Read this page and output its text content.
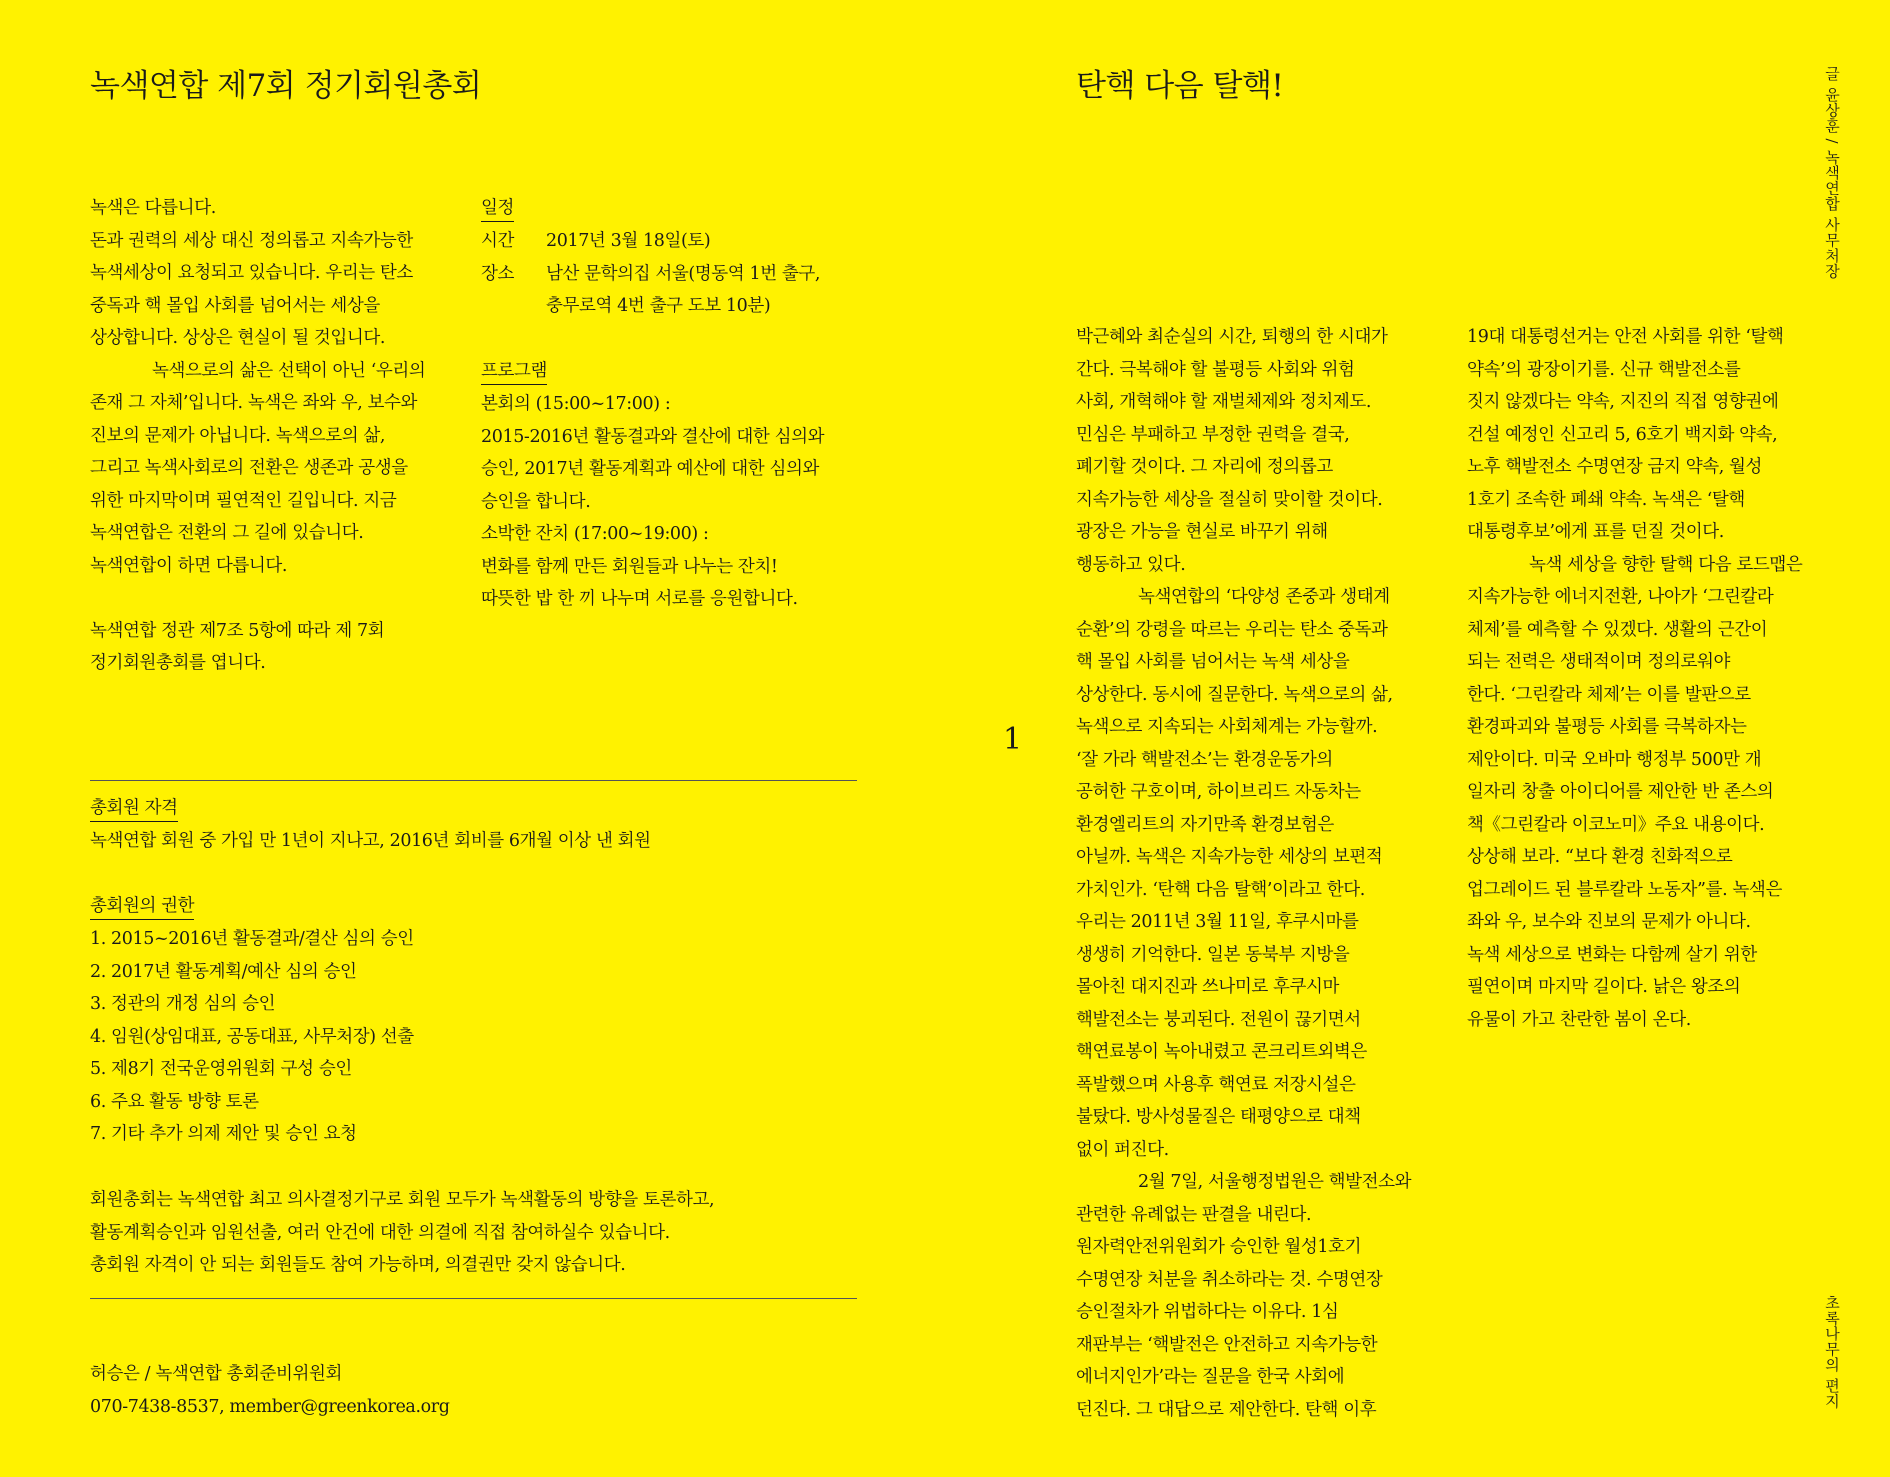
녹색연합 제7회 정기회원총회

녹색은 다릅니다.

돈과 권력의 세상 대신 정의롭고 지속가능한

녹색세상이 요청되고 있습니다. 우리는 탄소

중독과 핵 몰입 사회를 넘어서는 세상을

상상합니다. 상상은 현실이 될 것입니다.

녹색으로의 삶은 선택이 아닌 ‘우리의

존재 그 자체’입니다. 녹색은 좌와 우, 보수와

진보의 문제가 아닙니다. 녹색으로의 삶,

그리고 녹색사회로의 전환은 생존과 공생을

위한 마지막이며 필연적인 길입니다. 지금

녹색연합은 전환의 그 길에 있습니다.

녹색연합이 하면 다릅니다.

녹색연합 정관 제7조 5항에 따라 제 7회

정기회원총회를 엽니다.

일정
시간	2017년 3월 18일(토)
장소	남산 문학의집 서울(명동역 1번 출구,
충무로역 4번 출구 도보 10분)
프로그램

본회의 (15:00~17:00) :

2015-2016년 활동결과와 결산에 대한 심의와

승인, 2017년 활동계획과 예산에 대한 심의와

승인을 합니다.

소박한 잔치 (17:00~19:00) :

변화를 함께 만든 회원들과 나누는 잔치!

따뜻한 밥 한 끼 나누며 서로를 응원합니다.

총회원 자격
녹색연합 회원 중 가입 만 1년이 지나고, 2016년 회비를 6개월 이상 낸 회원
총회원의 권한

1. 2015~2016년 활동결과/결산 심의 승인

2. 2017년 활동계획/예산 심의 승인

3. 정관의 개정 심의 승인

4. 임원(상임대표, 공동대표, 사무처장) 선출

5. 제8기 전국운영위원회 구성 승인

6. 주요 활동 방향 토론

7. 기타 추가 의제 제안 및 승인 요청

회원총회는 녹색연합 최고 의사결정기구로 회원 모두가 녹색활동의 방향을 토론하고,

활동계획승인과 임원선출, 여러 안건에 대한 의결에 직접 참여하실수 있습니다.

총회원 자격이 안 되는 회원들도 참여 가능하며, 의결권만 갖지 않습니다.

허승은 / 녹색연합 총회준비위원회
070-7438-8537, member@greenkorea.org
1
탄핵 다음 탈핵!	글 윤상훈 / 녹색연합 사무처장

박근혜와 최순실의 시간, 퇴행의 한 시대가

간다. 극복해야 할 불평등 사회와 위험

사회, 개혁해야 할 재벌체제와 정치제도.

민심은 부패하고 부정한 권력을 결국,

폐기할 것이다. 그 자리에 정의롭고

지속가능한 세상을 절실히 맞이할 것이다.

광장은 가능을 현실로 바꾸기 위해

행동하고 있다.

녹색연합의 ‘다양성 존중과 생태계

순환’의 강령을 따르는 우리는 탄소 중독과

핵 몰입 사회를 넘어서는 녹색 세상을

상상한다. 동시에 질문한다. 녹색으로의 삶,

녹색으로 지속되는 사회체계는 가능할까.

‘잘 가라 핵발전소’는 환경운동가의

공허한 구호이며, 하이브리드 자동차는

환경엘리트의 자기만족 환경보험은

아닐까. 녹색은 지속가능한 세상의 보편적

가치인가. ‘탄핵 다음 탈핵’이라고 한다.

우리는 2011년 3월 11일, 후쿠시마를

생생히 기억한다. 일본 동북부 지방을

몰아친 대지진과 쓰나미로 후쿠시마

핵발전소는 붕괴된다. 전원이 끊기면서

핵연료봉이 녹아내렸고 콘크리트외벽은

폭발했으며 사용후 핵연료 저장시설은

불탔다. 방사성물질은 태평양으로 대책

없이 퍼진다.

2월 7일, 서울행정법원은 핵발전소와

관련한 유례없는 판결을 내린다.

원자력안전위원회가 승인한 월성1호기

수명연장 처분을 취소하라는 것. 수명연장

승인절차가 위법하다는 이유다. 1심

재판부는 ‘핵발전은 안전하고 지속가능한

에너지인가’라는 질문을 한국 사회에

던진다. 그 대답으로 제안한다. 탄핵 이후

19대 대통령선거는 안전 사회를 위한 ‘탈핵

약속’의 광장이기를. 신규 핵발전소를

짓지 않겠다는 약속, 지진의 직접 영향권에

건설 예정인 신고리 5, 6호기 백지화 약속,

노후 핵발전소 수명연장 금지 약속, 월성

1호기 조속한 폐쇄 약속. 녹색은 ‘탈핵

대통령후보’에게 표를 던질 것이다.

녹색 세상을 향한 탈핵 다음 로드맵은

지속가능한 에너지전환, 나아가 ‘그린칼라

체제’를 예측할 수 있겠다. 생활의 근간이

되는 전력은 생태적이며 정의로워야

한다. ‘그린칼라 체제’는 이를 발판으로

환경파괴와 불평등 사회를 극복하자는

제안이다. 미국 오바마 행정부 500만 개

일자리 창출 아이디어를 제안한 반 존스의

책《그린칼라 이코노미》주요 내용이다.

상상해 보라. “보다 환경 친화적으로

업그레이드 된 블루칼라 노동자”를. 녹색은

좌와 우, 보수와 진보의 문제가 아니다.

녹색 세상으로 변화는 다함께 살기 위한

필연이며 마지막 길이다. 낡은 왕조의

유물이 가고 찬란한 봄이 온다.

초록나무의 편지
